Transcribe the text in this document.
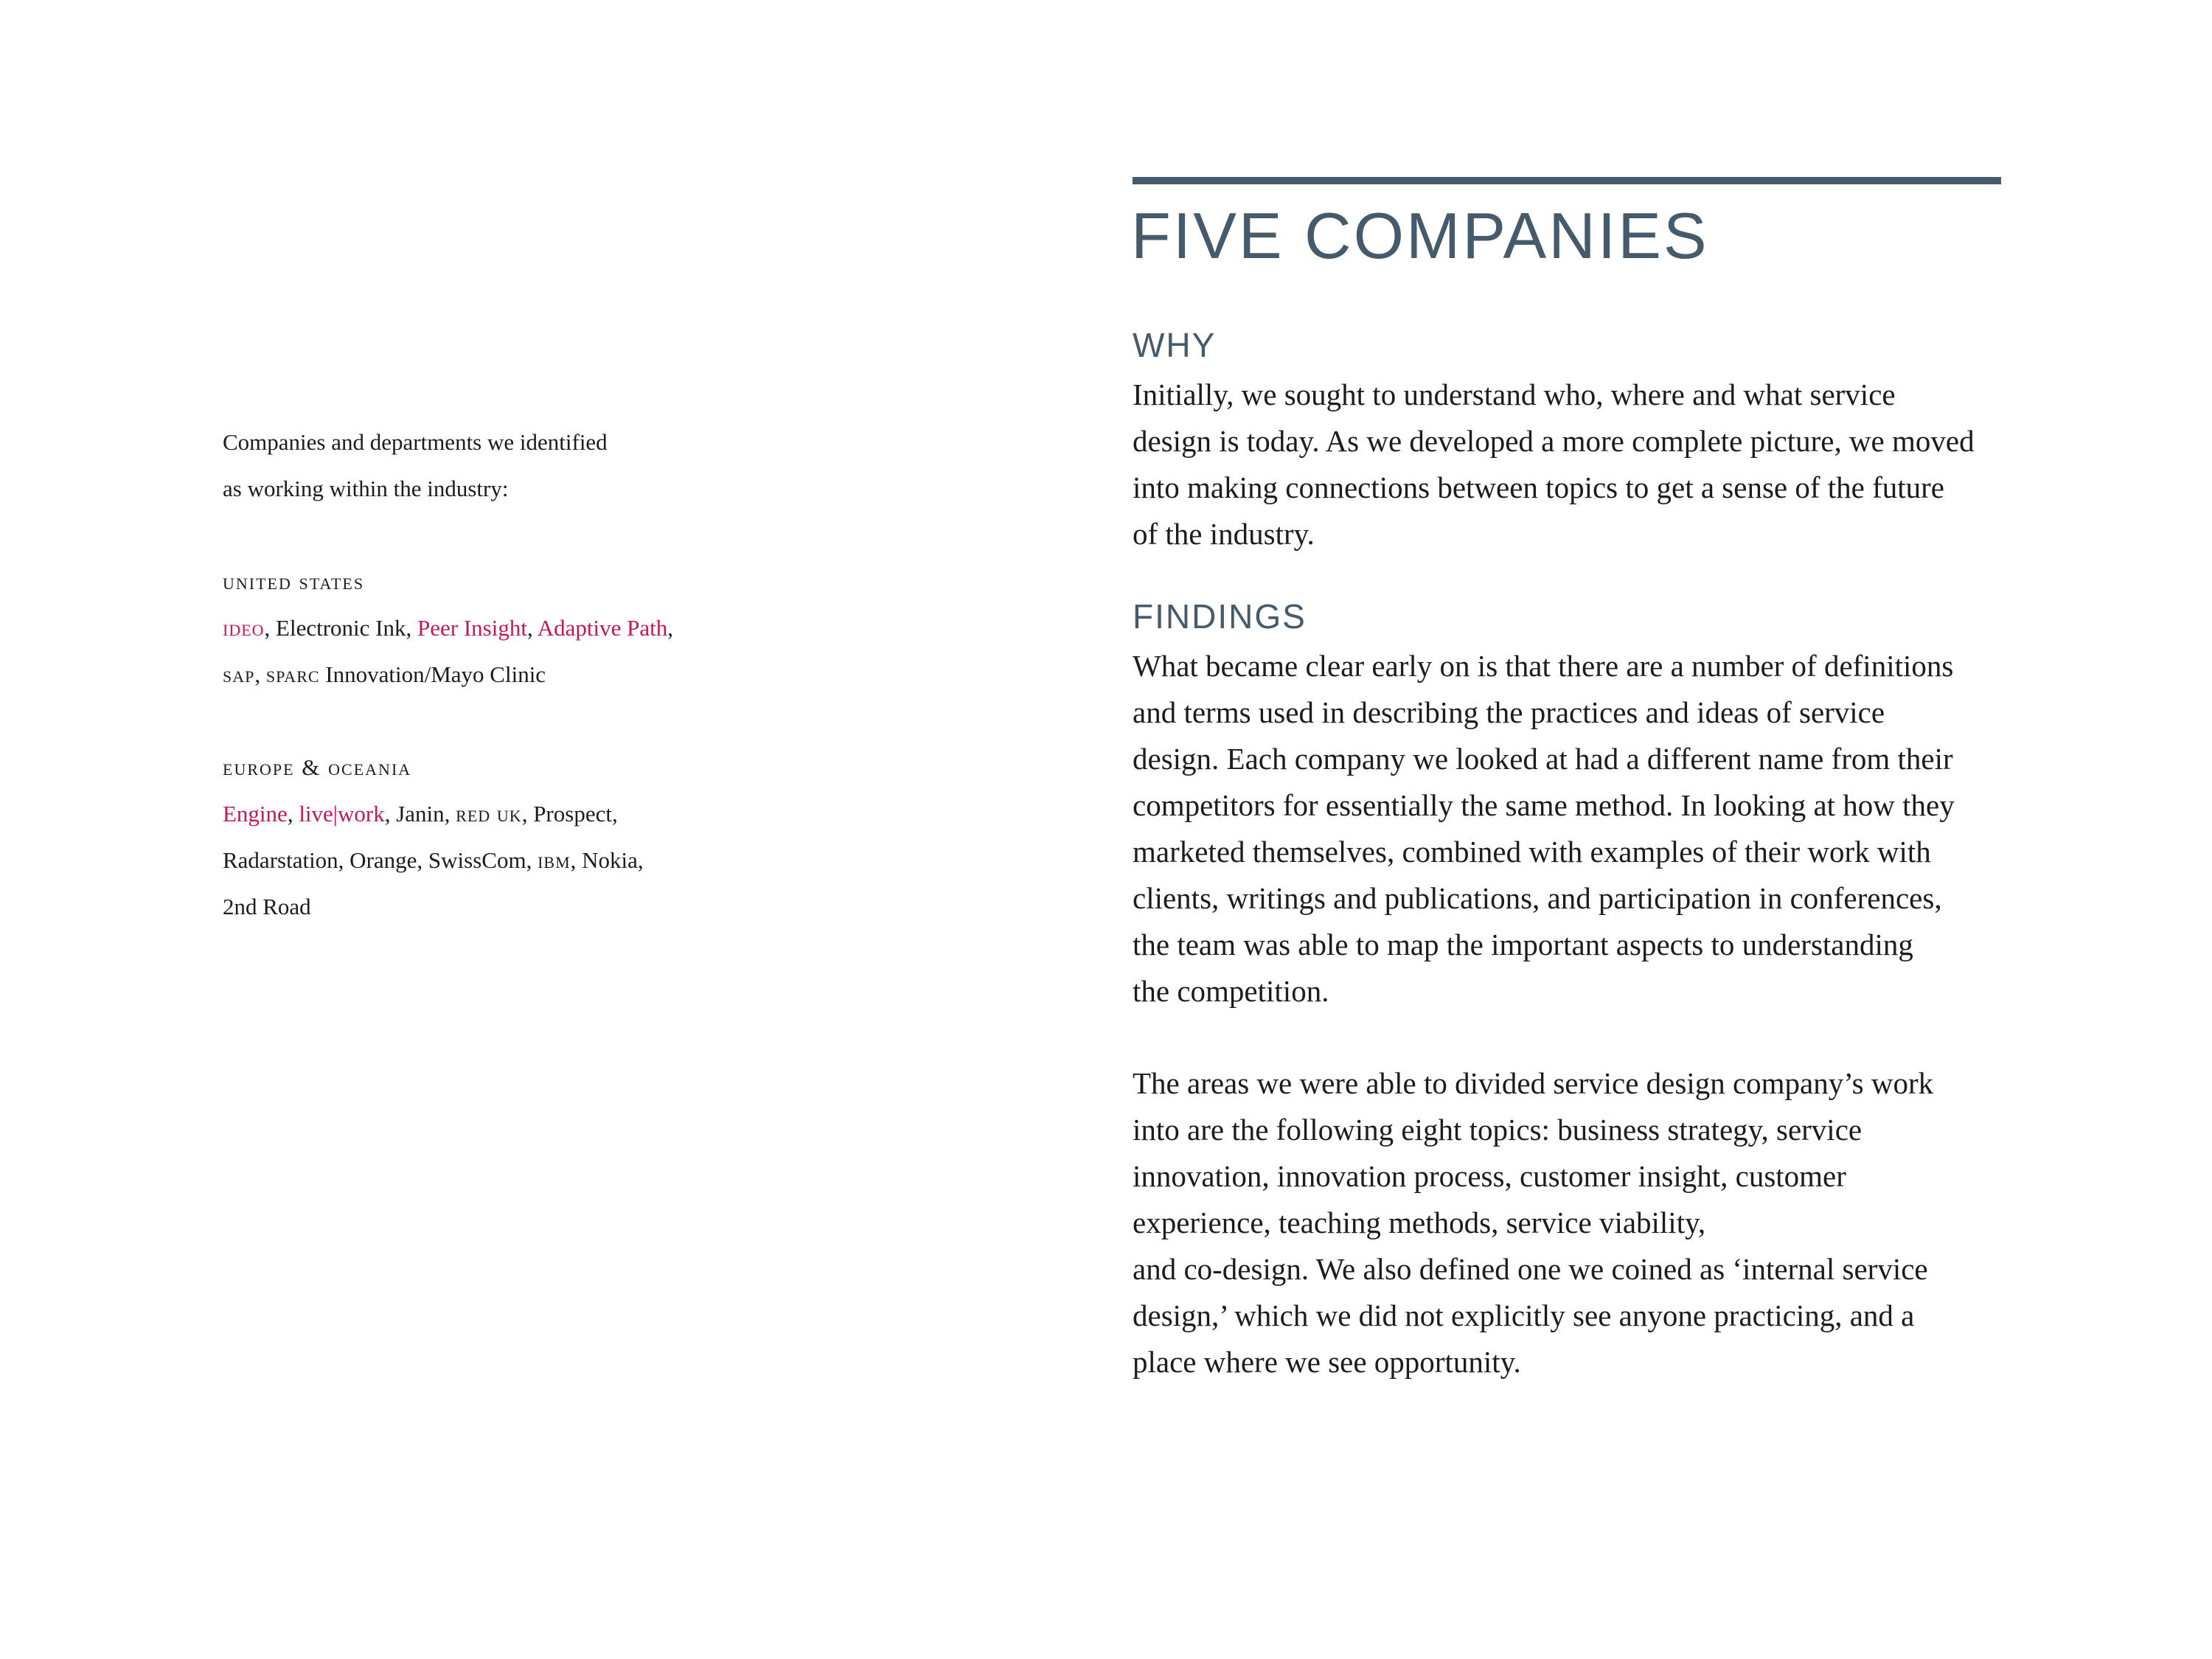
Companies and departments we identified
as working within the industry:
united states
ideo, Electronic Ink, Peer Insight, Adaptive Path,
sap, sparc Innovation/Mayo Clinic
europe & oceania
Engine, live|work, Janin, red uk, Prospect,
Radarstation, Orange, SwissCom, ibm, Nokia,
2nd Road
FIVE COMPANIES
WHY
Initially, we sought to understand who, where and what service
design is today. As we developed a more complete picture, we moved
into making connections between topics to get a sense of the future
of the industry.
FINDINGS
What became clear early on is that there are a number of definitions
and terms used in describing the practices and ideas of service
design. Each company we looked at had a different name from their
competitors for essentially the same method. In looking at how they
marketed themselves, combined with examples of their work with
clients, writings and publications, and participation in conferences,
the team was able to map the important aspects to understanding
the competition.
The areas we were able to divided service design company’s work
into are the following eight topics: business strategy, service
innovation, innovation process, customer insight, customer
experience, teaching methods, service viability,
and co-design. We also defined one we coined as ‘internal service
design,’ which we did not explicitly see anyone practicing, and a
place where we see opportunity.
